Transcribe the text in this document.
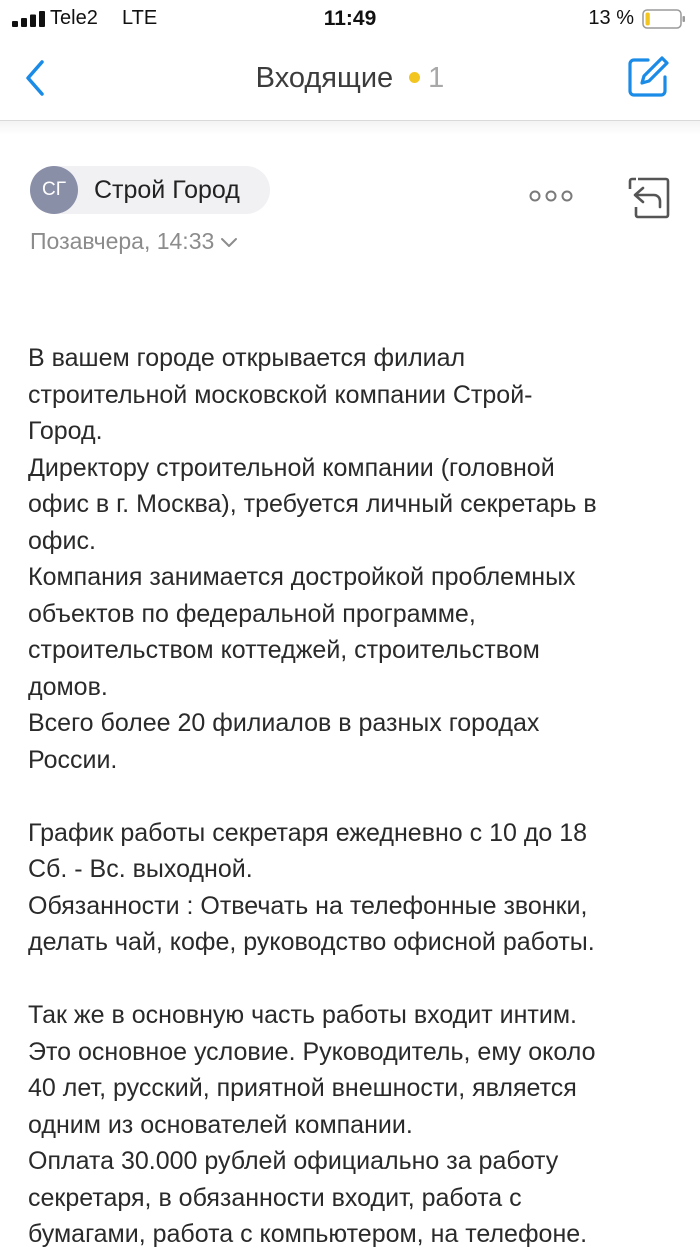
Tele2 LTE	11:49	13 %
Входящие 1
СГ	Строй Город
Позавчера, 14:33

В вашем городе открывается филиал

строительной московской компании Строй-

Город.

Директору строительной компании (головной

офис в г. Москва), требуется личный секретарь в

офис.

Компания занимается достройкой проблемных

объектов по федеральной программе,

строительством коттеджей, строительством

домов.

Всего более 20 филиалов в разных городах

России.

График работы секретаря ежедневно с 10 до 18

Сб. - Вс. выходной.

Обязанности : Отвечать на телефонные звонки,

делать чай, кофе, руководство офисной работы.

Так же в основную часть работы входит интим.

Это основное условие. Руководитель, ему около

40 лет, русский, приятной внешности, является

одним из основателей компании.

Оплата 30.000 рублей официально за работу

секретаря, в обязанности входит, работа с

бумагами, работа с компьютером, на телефоне.
